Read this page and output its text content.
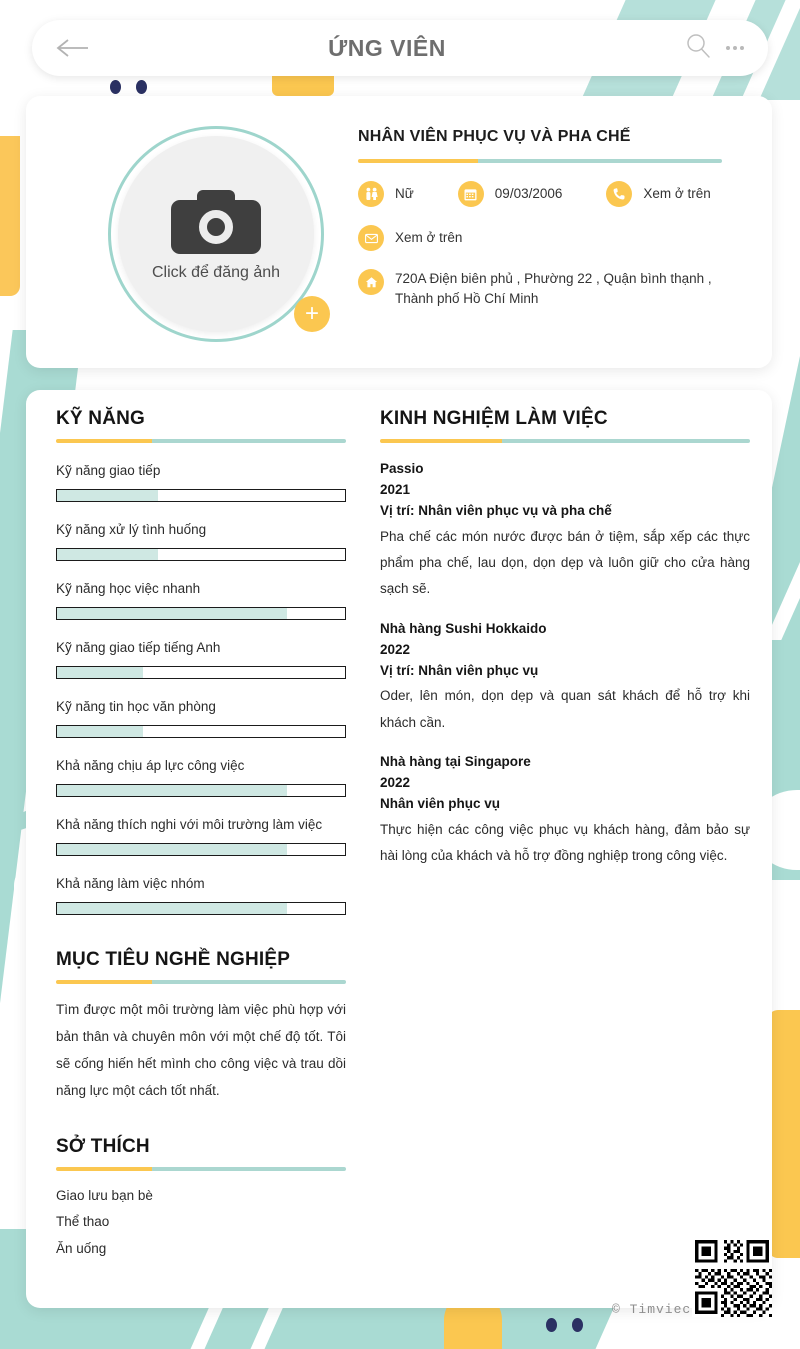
ỨNG VIÊN
Click để đăng ảnh
+
NHÂN VIÊN PHỤC VỤ VÀ PHA CHẾ
Nữ	09/03/2006	Xem ở trên
Xem ở trên
720A Điện biên phủ , Phường 22 , Quận bình thạnh , Thành phố Hồ Chí Minh
KỸ NĂNG
Kỹ năng giao tiếp
Kỹ năng xử lý tình huống
Kỹ năng học việc nhanh
Kỹ năng giao tiếp tiếng Anh
Kỹ năng tin học văn phòng
Khả năng chịu áp lực công việc
Khả năng thích nghi với môi trường làm việc
Khả năng làm việc nhóm
MỤC TIÊU NGHỀ NGHIỆP
Tìm được một môi trường làm việc phù hợp với bản thân và chuyên môn với một chế độ tốt. Tôi sẽ cống hiến hết mình cho công việc và trau dồi năng lực một cách tốt nhất.
SỞ THÍCH
Giao lưu bạn bè
Thể thao
Ăn uống
KINH NGHIỆM LÀM VIỆC
Passio
2021
Vị trí: Nhân viên phục vụ và pha chế
Pha chế các món nước được bán ở tiệm, sắp xếp các thực phẩm pha chế, lau dọn, dọn dẹp và luôn giữ cho cửa hàng sạch sẽ.
Nhà hàng Sushi Hokkaido
2022
Vị trí: Nhân viên phục vụ
Oder, lên món, dọn dẹp và quan sát khách để hỗ trợ khi khách cần.
Nhà hàng tại Singapore
2022
Nhân viên phục vụ
Thực hiện các công việc phục vụ khách hàng, đảm bảo sự hài lòng của khách và hỗ trợ đồng nghiệp trong công việc.
© Timviec
